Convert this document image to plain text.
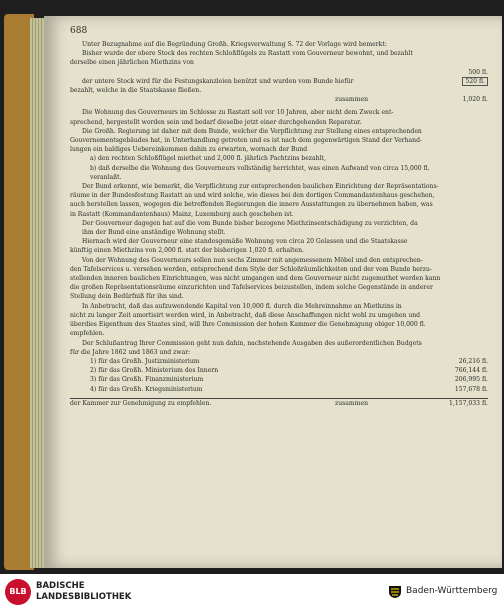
688
Unter Bezugnahme auf die Begründung Großh. Kriegsverwaltung S. 72 der Vorlage wird bemerkt:
Bisher wurde der obere Stock des rechten Schloßflügels zu Rastatt vom Gouverneur bewohnt, und bezahlt
derselbe einen jährlichen Miethzins von
500 fl.
der untere Stock wird für die Festungskanzleien benützt und wurden vom Bunde hiefür	520 fl.
bezahlt, welche in die Staatskasse fließen.
zusammen	1,020 fl.
Die Wohnung des Gouverneurs im Schlosse zu Rastatt soll vor 10 Jahren, aber nicht dem Zweck ent-
sprechend, hergestellt worden sein und bedarf dieselbe jetzt einer durchgehenden Reparatur.
Die Großh. Regierung ist daher mit dem Bunde, welcher die Verpflichtung zur Stellung eines entsprechenden
Gouvernementsgebäudes hat, in Unterhandlung getreten und es ist nach dem gegenwärtigen Stand der Verhand-
lungen ein baldiges Uebereinkommen dahin zu erwarten, wornach der Bund
a) den rechten Schloßflügel miethet und 2,000 fl. jährlich Pachtzins bezahlt,
b) daß derselbe die Wohnung des Gouverneurs vollständig herrichtet, was einen Aufwand von circa 15,000 fl.
veranlaßt.
Der Bund erkennt, wie bemerkt, die Verpflichtung zur entsprechenden baulichen Einrichtung der Repräsentations-
räume in der Bundesfestung Rastatt an und wird solche, wie dieses bei den dortigen Commandantenhaus geschehen,
auch herstellen lassen, wogegen die betreffenden Regierungen die innere Ausstattungen zu übernehmen haben, was
in Rastatt (Kommandantenhaus) Mainz, Luxemburg auch geschehen ist.
Der Gouverneur dagegen hat auf die vom Bunde bisher bezogene Miethzinsentschädigung zu verzichten, da
ihm der Bund eine anständige Wohnung stellt.
Hiernach wird der Gouverneur eine standesgemäße Wohnung von circa 20 Gelassen und die Staatskasse
künftig einen Miethzins von 2,000 fl. statt der bisherigen 1,020 fl. erhalten.
Von der Wohnung des Gouverneurs sollen nun sechs Zimmer mit angemessenem Möbel und den entsprechen-
den Tafelservices u. versehen werden, entsprechend dem Style der Schloßräumlichkeiten und der vom Bunde herzu-
stellenden inneren baulichen Einrichtungen, was nicht umgangen und dem Gouverneur nicht zugemuthet werden kann
die großen Repräsentationsräume einzurichten und Tafelservices beizustellen, indem solche Gegenstände in anderer
Stellung dein Bedürfniß für ihn sind.
In Anbetracht, daß das aufzuwendende Kapital von 10,000 fl. durch die Mehreinnahme an Miethzins in
nicht zu langer Zeit amortisirt werden wird, in Anbetracht, daß diese Anschaffungen nicht wohl zu umgehen und
überdies Eigenthum des Staates sind, will Ihre Commission der hohen Kammer die Genehmigung obiger 10,000 fl.
empfehlen.
Der Schlußantrag Ihrer Commission geht nun dahin, nachstehende Ausgaben des außerordentlichen Budgets
für die Jahre 1862 und 1863 und zwar:
1) für das Großh. Justizministerium	26,216 fl.
2) für das Großh. Ministerium des Innern	766,144 fl.
3) für das Großh. Finanzministerium	206,995 fl.
4) für das Großh. Kriegsministerium	157,678 fl.
der Kammer zur Genehmigung zu empfehlen.	zusammen	1,157,033 fl.
BLB
BADISCHE
LANDESBIBLIOTHEK
Baden-Württemberg
